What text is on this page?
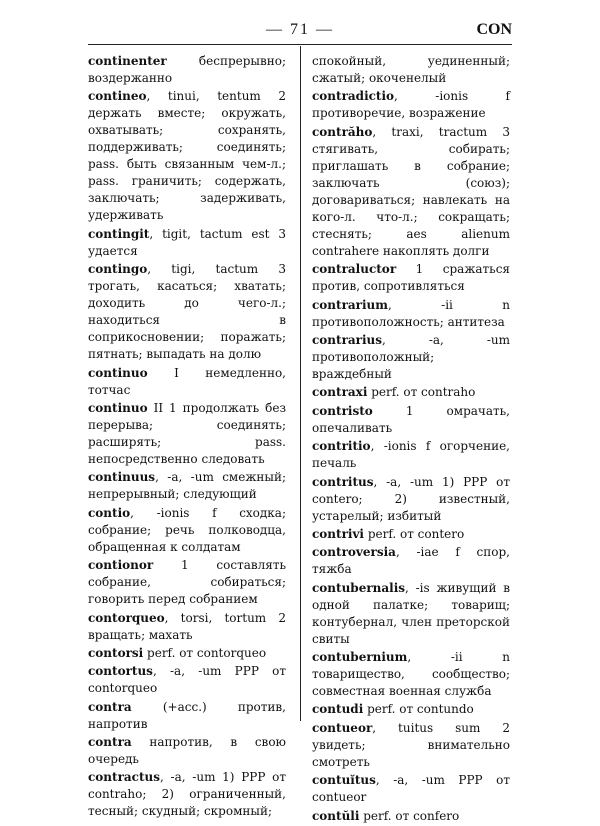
— 71 —	CON
continenter беспрерывно; воздержанно
contineo, tinui, tentum 2 держать вместе; окружать, охватывать; сохранять, поддерживать; соединять; pass. быть связанным чем-л.; pass. граничить; содержать, заключать; задерживать, удерживать
contingit, tigit, tactum est 3 удается
contingo, tigi, tactum 3 трогать, касаться; хватать; доходить до чего-л.; находиться в соприкосновении; поражать; пятнать; выпадать на долю
continuo I немедленно, тотчас
continuo II 1 продолжать без перерыва; соединять; расширять; pass. непосредственно следовать
continuus, -a, -um смежный; непрерывный; следующий
contio, -ionis f сходка; собрание; речь полководца, обращенная к солдатам
contionor 1 составлять собрание, собираться; говорить перед собранием
contorqueo, torsi, tortum 2 вращать; махать
contorsi perf. от contorqueo
contortus, -a, -um PPP от contorqueo
contra (+acc.) против, напротив
contra напротив, в свою очередь
contractus, -a, -um 1) PPP от contraho; 2) ограниченный, тесный; скудный; скромный;
спокойный, уединенный; сжатый; окоченелый
contradictio, -ionis f противоречие, возражение
contrăho, traxi, tractum 3 стягивать, собирать; приглашать в собрание; заключать (союз); договариваться; навлекать на кого-л. что-л.; сокращать; стеснять; aes alienum contrahere накоплять долги
contraluctor 1 сражаться против, сопротивляться
contrarium, -ii n противоположность; антитеза
contrarius, -a, -um противоположный; враждебный
contraxi perf. от contraho
contristo 1 омрачать, опечаливать
contritio, -ionis f огорчение, печаль
contritus, -a, -um 1) PPP от contero; 2) известный, устарелый; избитый
contrivi perf. от contero
controversia, -iae f спор, тяжба
contubernalis, -is живущий в одной палатке; товарищ; контубернал, член преторской свиты
contubernium, -ii n товарищество, сообщество; совместная военная служба
contudi perf. от contundo
contueor, tuitus sum 2 увидеть; внимательно смотреть
contuĭtus, -a, -um PPP от contueor
contŭli perf. от confero
